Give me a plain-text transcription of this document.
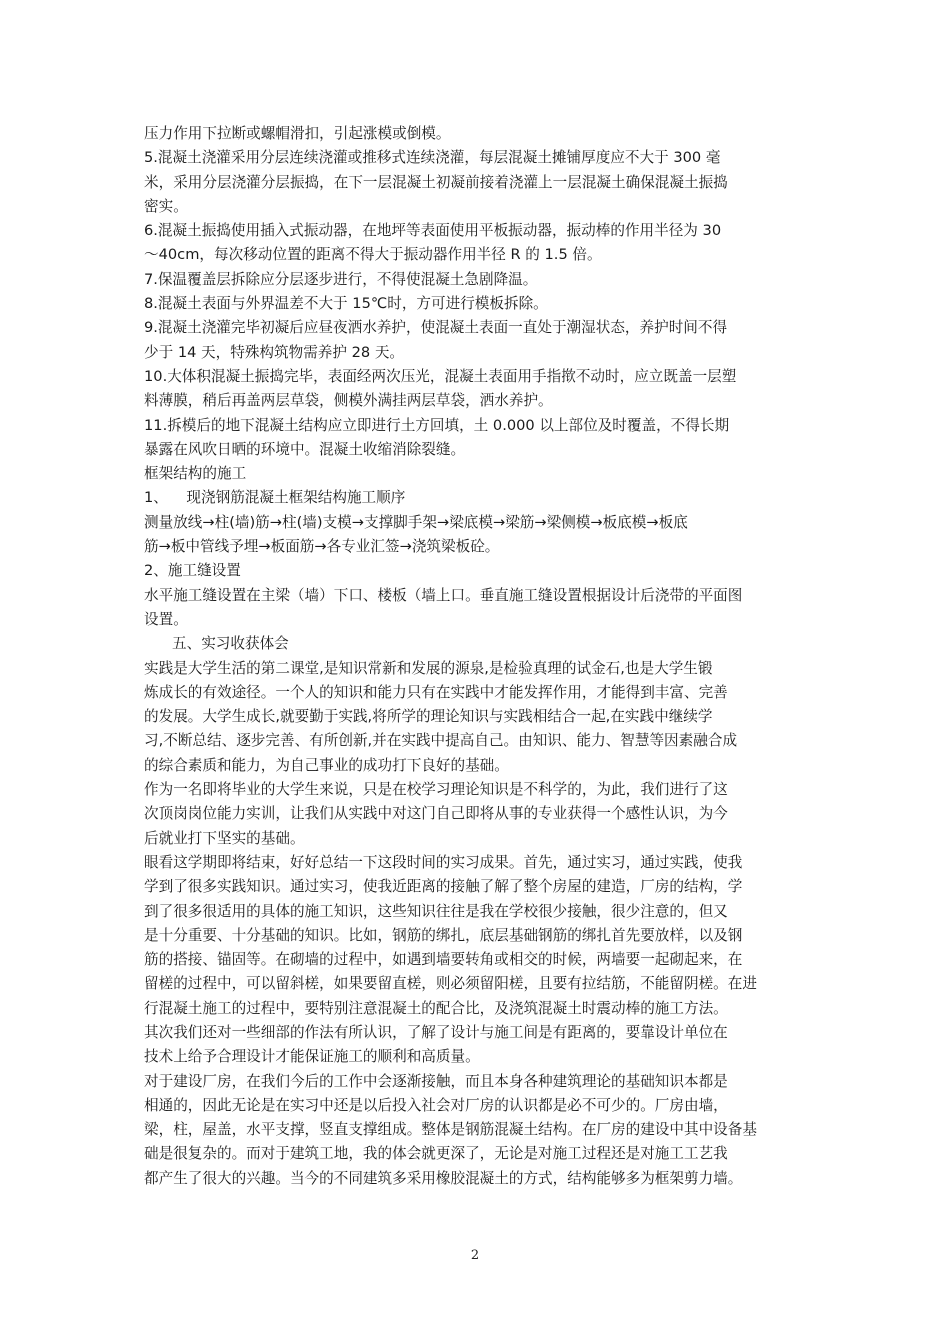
压力作用下拉断或螺帽滑扣，引起涨模或倒模。
5.混凝土浇灌采用分层连续浇灌或推移式连续浇灌，每层混凝土摊铺厚度应不大于 300 毫
米，采用分层浇灌分层振捣，在下一层混凝土初凝前接着浇灌上一层混凝土确保混凝土振捣
密实。
6.混凝土振捣使用插入式振动器，在地坪等表面使用平板振动器，振动棒的作用半径为 30
～40cm，每次移动位置的距离不得大于振动器作用半径 R 的 1.5 倍。
7.保温覆盖层拆除应分层逐步进行，不得使混凝土急剧降温。
8.混凝土表面与外界温差不大于 15℃时，方可进行模板拆除。
9.混凝土浇灌完毕初凝后应昼夜洒水养护，使混凝土表面一直处于潮湿状态，养护时间不得
少于 14 天，特殊构筑物需养护 28 天。
10.大体积混凝土振捣完毕，表面经两次压光，混凝土表面用手指揿不动时，应立既盖一层塑
料薄膜，稍后再盖两层草袋，侧模外满挂两层草袋，洒水养护。
11.拆模后的地下混凝土结构应立即进行土方回填，土 0.000 以上部位及时覆盖，不得长期
暴露在风吹日晒的环境中。混凝土收缩消除裂缝。
框架结构的施工
1、    现浇钢筋混凝土框架结构施工顺序
测量放线→柱(墙)筋→柱(墙)支模→支撑脚手架→梁底模→梁筋→梁侧模→板底模→板底
筋→板中管线予埋→板面筋→各专业汇签→浇筑梁板砼。
2、施工缝设置
水平施工缝设置在主梁（墙）下口、楼板（墙上口。垂直施工缝设置根据设计后浇带的平面图
设置。
五、实习收获体会
实践是大学生活的第二课堂,是知识常新和发展的源泉,是检验真理的试金石,也是大学生锻
炼成长的有效途径。一个人的知识和能力只有在实践中才能发挥作用，才能得到丰富、完善
的发展。大学生成长,就要勤于实践,将所学的理论知识与实践相结合一起,在实践中继续学
习,不断总结、逐步完善、有所创新,并在实践中提高自己。由知识、能力、智慧等因素融合成
的综合素质和能力，为自己事业的成功打下良好的基础。
作为一名即将毕业的大学生来说，只是在校学习理论知识是不科学的，为此，我们进行了这
次顶岗岗位能力实训，让我们从实践中对这门自己即将从事的专业获得一个感性认识，为今
后就业打下坚实的基础。
眼看这学期即将结束，好好总结一下这段时间的实习成果。首先，通过实习，通过实践，使我
学到了很多实践知识。通过实习，使我近距离的接触了解了整个房屋的建造，厂房的结构，学
到了很多很适用的具体的施工知识，这些知识往往是我在学校很少接触，很少注意的，但又
是十分重要、十分基础的知识。比如，钢筋的绑扎，底层基础钢筋的绑扎首先要放样，以及钢
筋的搭接、锚固等。在砌墙的过程中，如遇到墙要转角或相交的时候，两墙要一起砌起来，在
留槎的过程中，可以留斜槎，如果要留直槎，则必须留阳槎，且要有拉结筋，不能留阴槎。在进
行混凝土施工的过程中，要特别注意混凝土的配合比，及浇筑混凝土时震动棒的施工方法。
其次我们还对一些细部的作法有所认识，了解了设计与施工间是有距离的，要靠设计单位在
技术上给予合理设计才能保证施工的顺利和高质量。
对于建设厂房，在我们今后的工作中会逐渐接触，而且本身各种建筑理论的基础知识本都是
相通的，因此无论是在实习中还是以后投入社会对厂房的认识都是必不可少的。厂房由墙，
梁，柱，屋盖，水平支撑，竖直支撑组成。整体是钢筋混凝土结构。在厂房的建设中其中设备基
础是很复杂的。而对于建筑工地，我的体会就更深了，无论是对施工过程还是对施工工艺我
都产生了很大的兴趣。当今的不同建筑多采用橡胶混凝土的方式，结构能够多为框架剪力墙。
2
